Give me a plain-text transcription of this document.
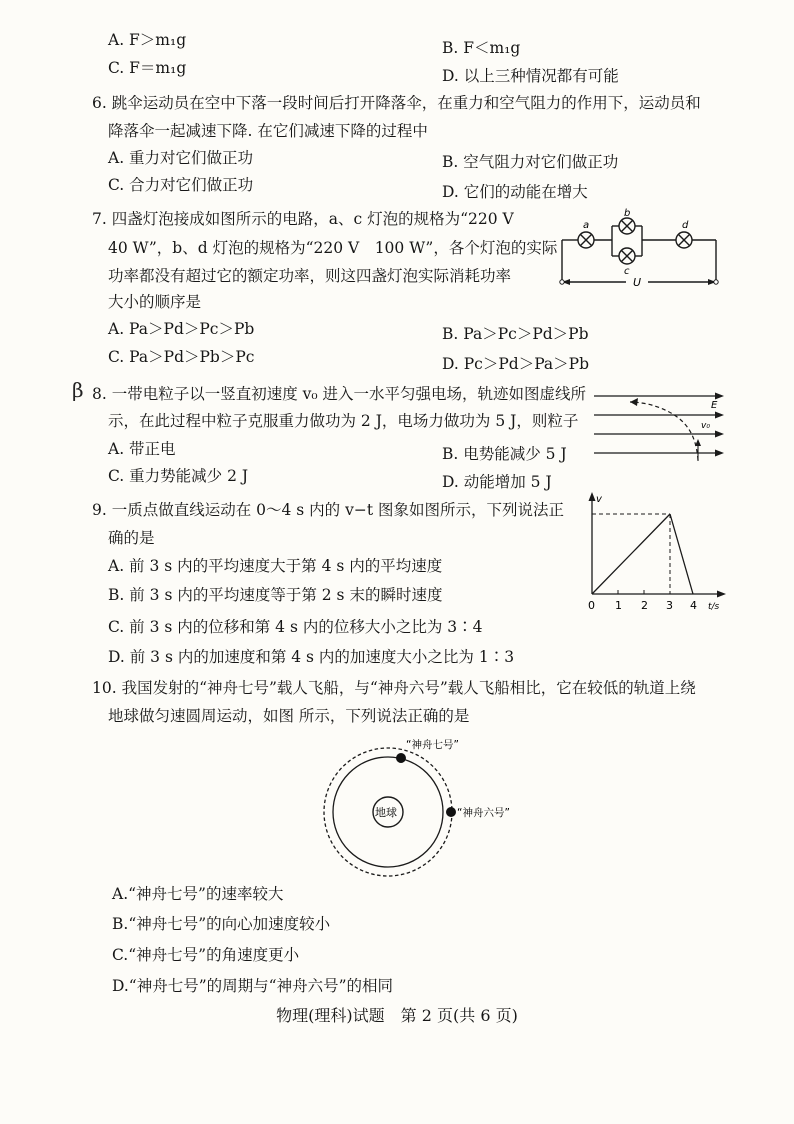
A. F＞m₁g	B. F＜m₁g
C. F＝m₁g	D. 以上三种情况都有可能
6. 跳伞运动员在空中下落一段时间后打开降落伞，在重力和空气阻力的作用下，运动员和
降落伞一起减速下降. 在它们减速下降的过程中
A. 重力对它们做正功	B. 空气阻力对它们做正功
C. 合力对它们做正功	D. 它们的动能在增大
7. 四盏灯泡接成如图所示的电路，a、c 灯泡的规格为“220 V
40 W”，b、d 灯泡的规格为“220 V　100 W”，各个灯泡的实际
功率都没有超过它的额定功率，则这四盏灯泡实际消耗功率
大小的顺序是
A. Pa＞Pd＞Pc＞Pb	B. Pa＞Pc＞Pd＞Pb
C. Pa＞Pd＞Pb＞Pc	D. Pc＞Pd＞Pa＞Pb
a
b
c
d
U
β 8. 一带电粒子以一竖直初速度 v₀ 进入一水平匀强电场，轨迹如图虚线所
示，在此过程中粒子克服重力做功为 2 J，电场力做功为 5 J，则粒子
A. 带正电	B. 电势能减少 5 J
C. 重力势能减少 2 J	D. 动能增加 5 J
E
v₀
9. 一质点做直线运动在 0～4 s 内的 v−t 图象如图所示，下列说法正
确的是
A. 前 3 s 内的平均速度大于第 4 s 内的平均速度
B. 前 3 s 内的平均速度等于第 2 s 末的瞬时速度
C. 前 3 s 内的位移和第 4 s 内的位移大小之比为 3∶4
D. 前 3 s 内的加速度和第 4 s 内的加速度大小之比为 1∶3
v
t/s
0 1 2 3 4
10. 我国发射的“神舟七号”载人飞船，与“神舟六号”载人飞船相比，它在较低的轨道上绕
地球做匀速圆周运动，如图 所示，下列说法正确的是
地球
“神舟七号”
“神舟六号”
A.“神舟七号”的速率较大
B.“神舟七号”的向心加速度较小
C.“神舟七号”的角速度更小
D.“神舟七号”的周期与“神舟六号”的相同
物理(理科)试题　第 2 页(共 6 页)
